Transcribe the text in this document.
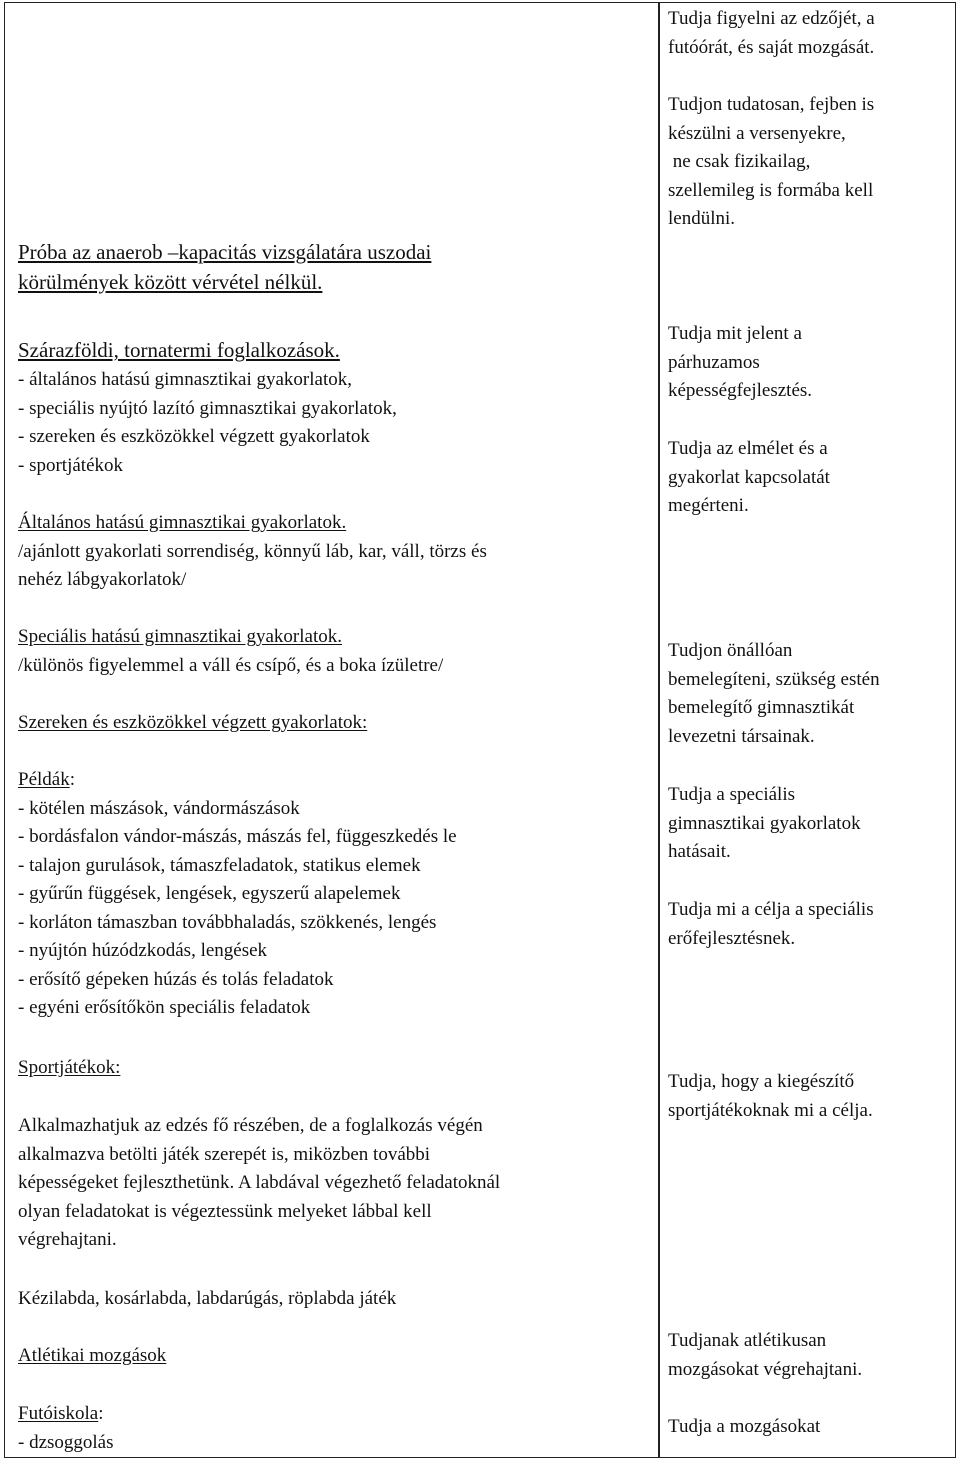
Próba az anaerob –kapacitás vizsgálatára uszodai

körülmények között vérvétel nélkül.

Szárazföldi, tornatermi foglalkozások.

- általános hatású gimnasztikai gyakorlatok,

- speciális nyújtó lazító gimnasztikai gyakorlatok,

- szereken és eszközökkel végzett gyakorlatok

- sportjátékok

Általános hatású gimnasztikai gyakorlatok.

/ajánlott gyakorlati sorrendiség, könnyű láb, kar, váll, törzs és

nehéz lábgyakorlatok/

Speciális hatású gimnasztikai gyakorlatok.

/különös figyelemmel a váll és csípő, és a boka ízületre/

Szereken és eszközökkel végzett gyakorlatok:

Példák:

- kötélen mászások, vándormászások

- bordásfalon vándor-mászás, mászás fel, függeszkedés le

- talajon gurulások, támaszfeladatok, statikus elemek

- gyűrűn függések, lengések, egyszerű alapelemek

- korláton támaszban továbbhaladás, szökkenés, lengés

- nyújtón húzódzkodás, lengések

- erősítő gépeken húzás és tolás feladatok

- egyéni erősítőkön speciális feladatok

Sportjátékok:

Alkalmazhatjuk az edzés fő részében, de a foglalkozás végén

alkalmazva betölti játék szerepét is, miközben további

képességeket fejleszthetünk. A labdával végezhető feladatoknál

olyan feladatokat is végeztessünk melyeket lábbal kell

végrehajtani.

Kézilabda, kosárlabda, labdarúgás, röplabda játék

Atlétikai mozgások

Futóiskola:

- dzsoggolás

Tudja figyelni az edzőjét, a

futóórát, és saját mozgását.

Tudjon tudatosan, fejben is

készülni a versenyekre,

ne csak fizikailag,

szellemileg is formába kell

lendülni.

Tudja mit jelent a

párhuzamos

képességfejlesztés.

Tudja az elmélet és a

gyakorlat kapcsolatát

megérteni.

Tudjon önállóan

bemelegíteni, szükség estén

bemelegítő gimnasztikát

levezetni társainak.

Tudja a speciális

gimnasztikai gyakorlatok

hatásait.

Tudja mi a célja a speciális

erőfejlesztésnek.

Tudja, hogy a kiegészítő

sportjátékoknak mi a célja.

Tudjanak atlétikusan

mozgásokat végrehajtani.

Tudja a mozgásokat
